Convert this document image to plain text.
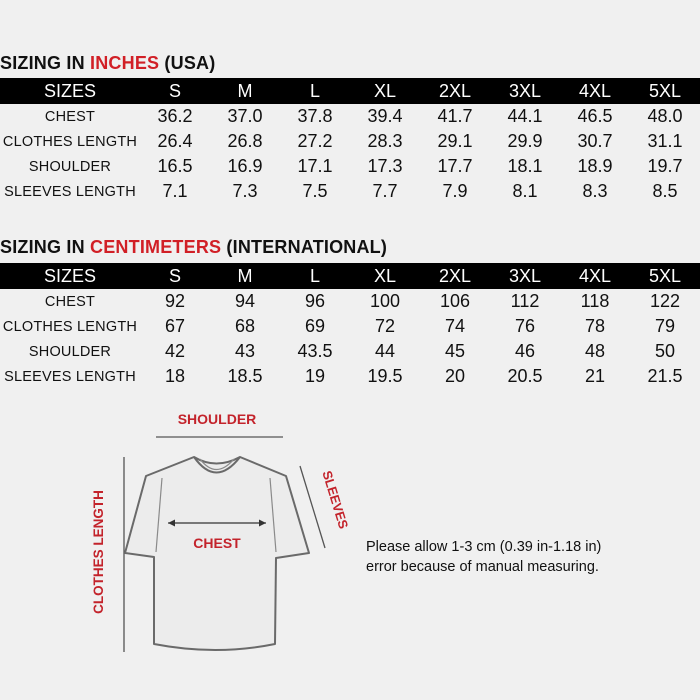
SIZING IN INCHES (USA)
SIZES	S	M	L	XL	2XL	3XL	4XL	5XL
CHEST	36.2	37.0	37.8	39.4	41.7	44.1	46.5	48.0
CLOTHES LENGTH	26.4	26.8	27.2	28.3	29.1	29.9	30.7	31.1
SHOULDER	16.5	16.9	17.1	17.3	17.7	18.1	18.9	19.7
SLEEVES LENGTH	7.1	7.3	7.5	7.7	7.9	8.1	8.3	8.5
SIZING IN CENTIMETERS (INTERNATIONAL)
SIZES	S	M	L	XL	2XL	3XL	4XL	5XL
CHEST	92	94	96	100	106	112	118	122
CLOTHES LENGTH	67	68	69	72	74	76	78	79
SHOULDER	42	43	43.5	44	45	46	48	50
SLEEVES LENGTH	18	18.5	19	19.5	20	20.5	21	21.5
SHOULDER
CHEST
SLEEVES
CLOTHES LENGTH	Please allow 1-3 cm (0.39 in-1.18 in)
error because of manual measuring.
